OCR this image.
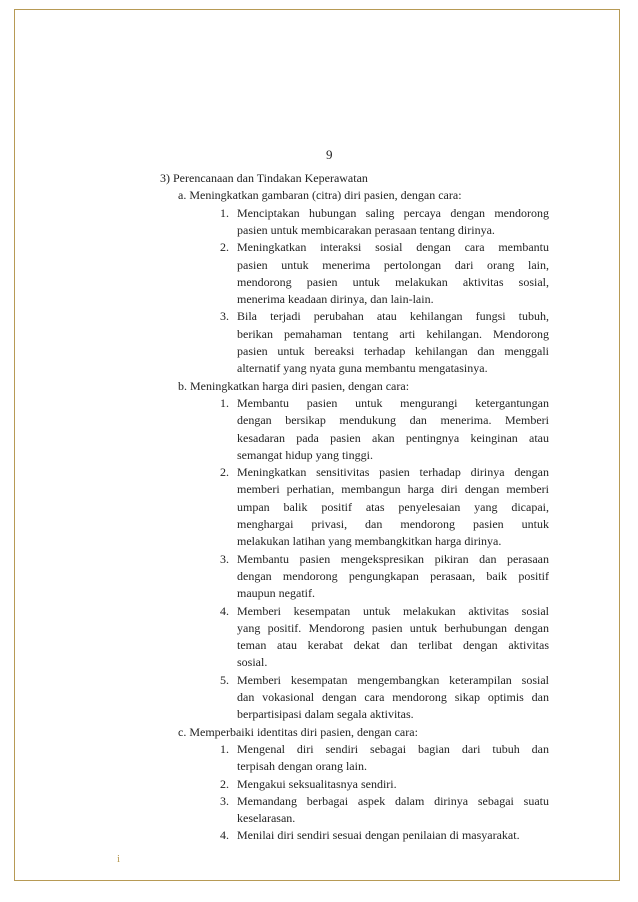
9
3) Perencanaan dan Tindakan Keperawatan
a. Meningkatkan gambaran (citra) diri pasien, dengan cara:
1. Menciptakan hubungan saling percaya dengan mendorong
pasien untuk membicarakan perasaan tentang dirinya.
2. Meningkatkan interaksi sosial dengan cara membantu
pasien untuk menerima pertolongan dari orang lain,
mendorong pasien untuk melakukan aktivitas sosial,
menerima keadaan dirinya, dan lain-lain.
3. Bila terjadi perubahan atau kehilangan fungsi tubuh,
berikan pemahaman tentang arti kehilangan. Mendorong
pasien untuk bereaksi terhadap kehilangan dan menggali
alternatif yang nyata guna membantu mengatasinya.
b. Meningkatkan harga diri pasien, dengan cara:
1. Membantu pasien untuk mengurangi ketergantungan
dengan bersikap mendukung dan menerima. Memberi
kesadaran pada pasien akan pentingnya keinginan atau
semangat hidup yang tinggi.
2. Meningkatkan sensitivitas pasien terhadap dirinya dengan
memberi perhatian, membangun harga diri dengan memberi
umpan balik positif atas penyelesaian yang dicapai,
menghargai privasi, dan mendorong pasien untuk
melakukan latihan yang membangkitkan harga dirinya.
3. Membantu pasien mengekspresikan pikiran dan perasaan
dengan mendorong pengungkapan perasaan, baik positif
maupun negatif.
4. Memberi kesempatan untuk melakukan aktivitas sosial
yang positif. Mendorong pasien untuk berhubungan dengan
teman atau kerabat dekat dan terlibat dengan aktivitas
sosial.
5. Memberi kesempatan mengembangkan keterampilan sosial
dan vokasional dengan cara mendorong sikap optimis dan
berpartisipasi dalam segala aktivitas.
c. Memperbaiki identitas diri pasien, dengan cara:
1. Mengenal diri sendiri sebagai bagian dari tubuh dan
terpisah dengan orang lain.
2. Mengakui seksualitasnya sendiri.
3. Memandang berbagai aspek dalam dirinya sebagai suatu
keselarasan.
4. Menilai diri sendiri sesuai dengan penilaian di masyarakat.
i
